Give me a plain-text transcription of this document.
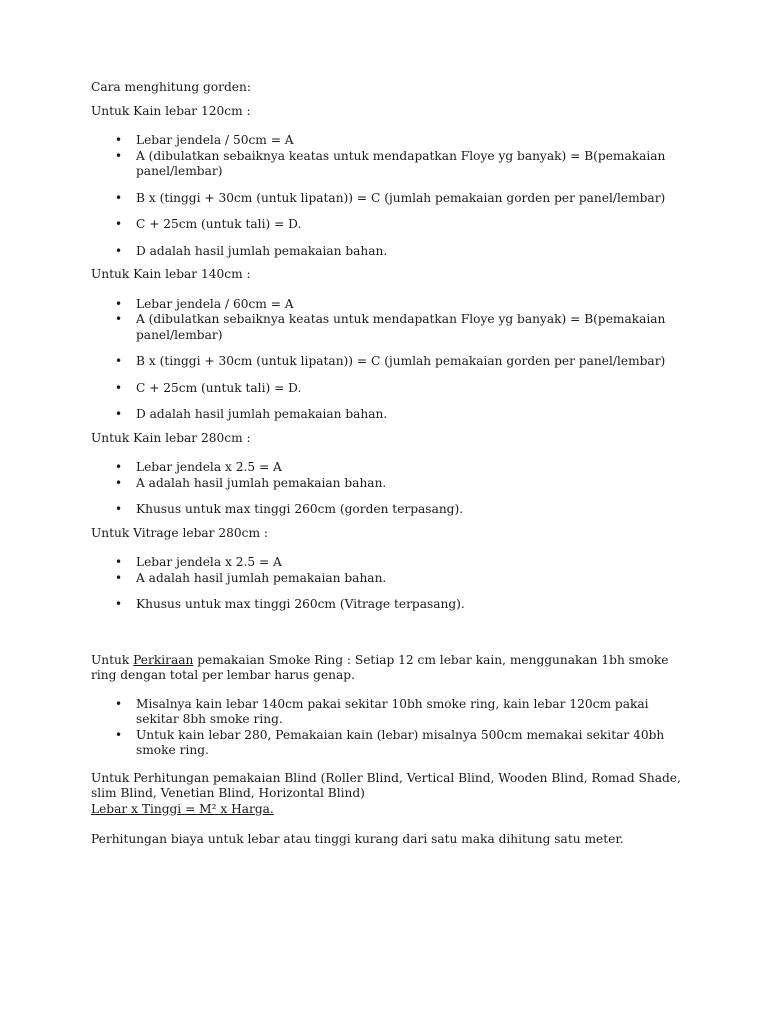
Cara menghitung gorden:

Untuk Kain lebar 120cm :

• Lebar jendela / 50cm = A
• A (dibulatkan sebaiknya keatas untuk mendapatkan Floye yg banyak) = B(pemakaian panel/lembar)
• B x (tinggi + 30cm (untuk lipatan)) = C (jumlah pemakaian gorden per panel/lembar)
• C + 25cm (untuk tali) = D.
• D adalah hasil jumlah pemakaian bahan.

Untuk Kain lebar 140cm :

• Lebar jendela / 60cm = A
• A (dibulatkan sebaiknya keatas untuk mendapatkan Floye yg banyak) = B(pemakaian panel/lembar)
• B x (tinggi + 30cm (untuk lipatan)) = C (jumlah pemakaian gorden per panel/lembar)
• C + 25cm (untuk tali) = D.
• D adalah hasil jumlah pemakaian bahan.

Untuk Kain lebar 280cm :

• Lebar jendela x 2.5 = A
• A adalah hasil jumlah pemakaian bahan.
• Khusus untuk max tinggi 260cm (gorden terpasang).

Untuk Vitrage lebar 280cm :

• Lebar jendela x 2.5 = A
• A adalah hasil jumlah pemakaian bahan.
• Khusus untuk max tinggi 260cm (Vitrage terpasang).

Untuk Perkiraan pemakaian Smoke Ring : Setiap 12 cm lebar kain, menggunakan 1bh smoke ring dengan total per lembar harus genap.

• Misalnya kain lebar 140cm pakai sekitar 10bh smoke ring, kain lebar 120cm pakai sekitar 8bh smoke ring.
• Untuk kain lebar 280, Pemakaian kain (lebar) misalnya 500cm memakai sekitar 40bh smoke ring.

Untuk Perhitungan pemakaian Blind (Roller Blind, Vertical Blind, Wooden Blind, Romad Shade, slim Blind, Venetian Blind, Horizontal Blind)

Lebar x Tinggi = M² x Harga.

Perhitungan biaya untuk lebar atau tinggi kurang dari satu maka dihitung satu meter.
